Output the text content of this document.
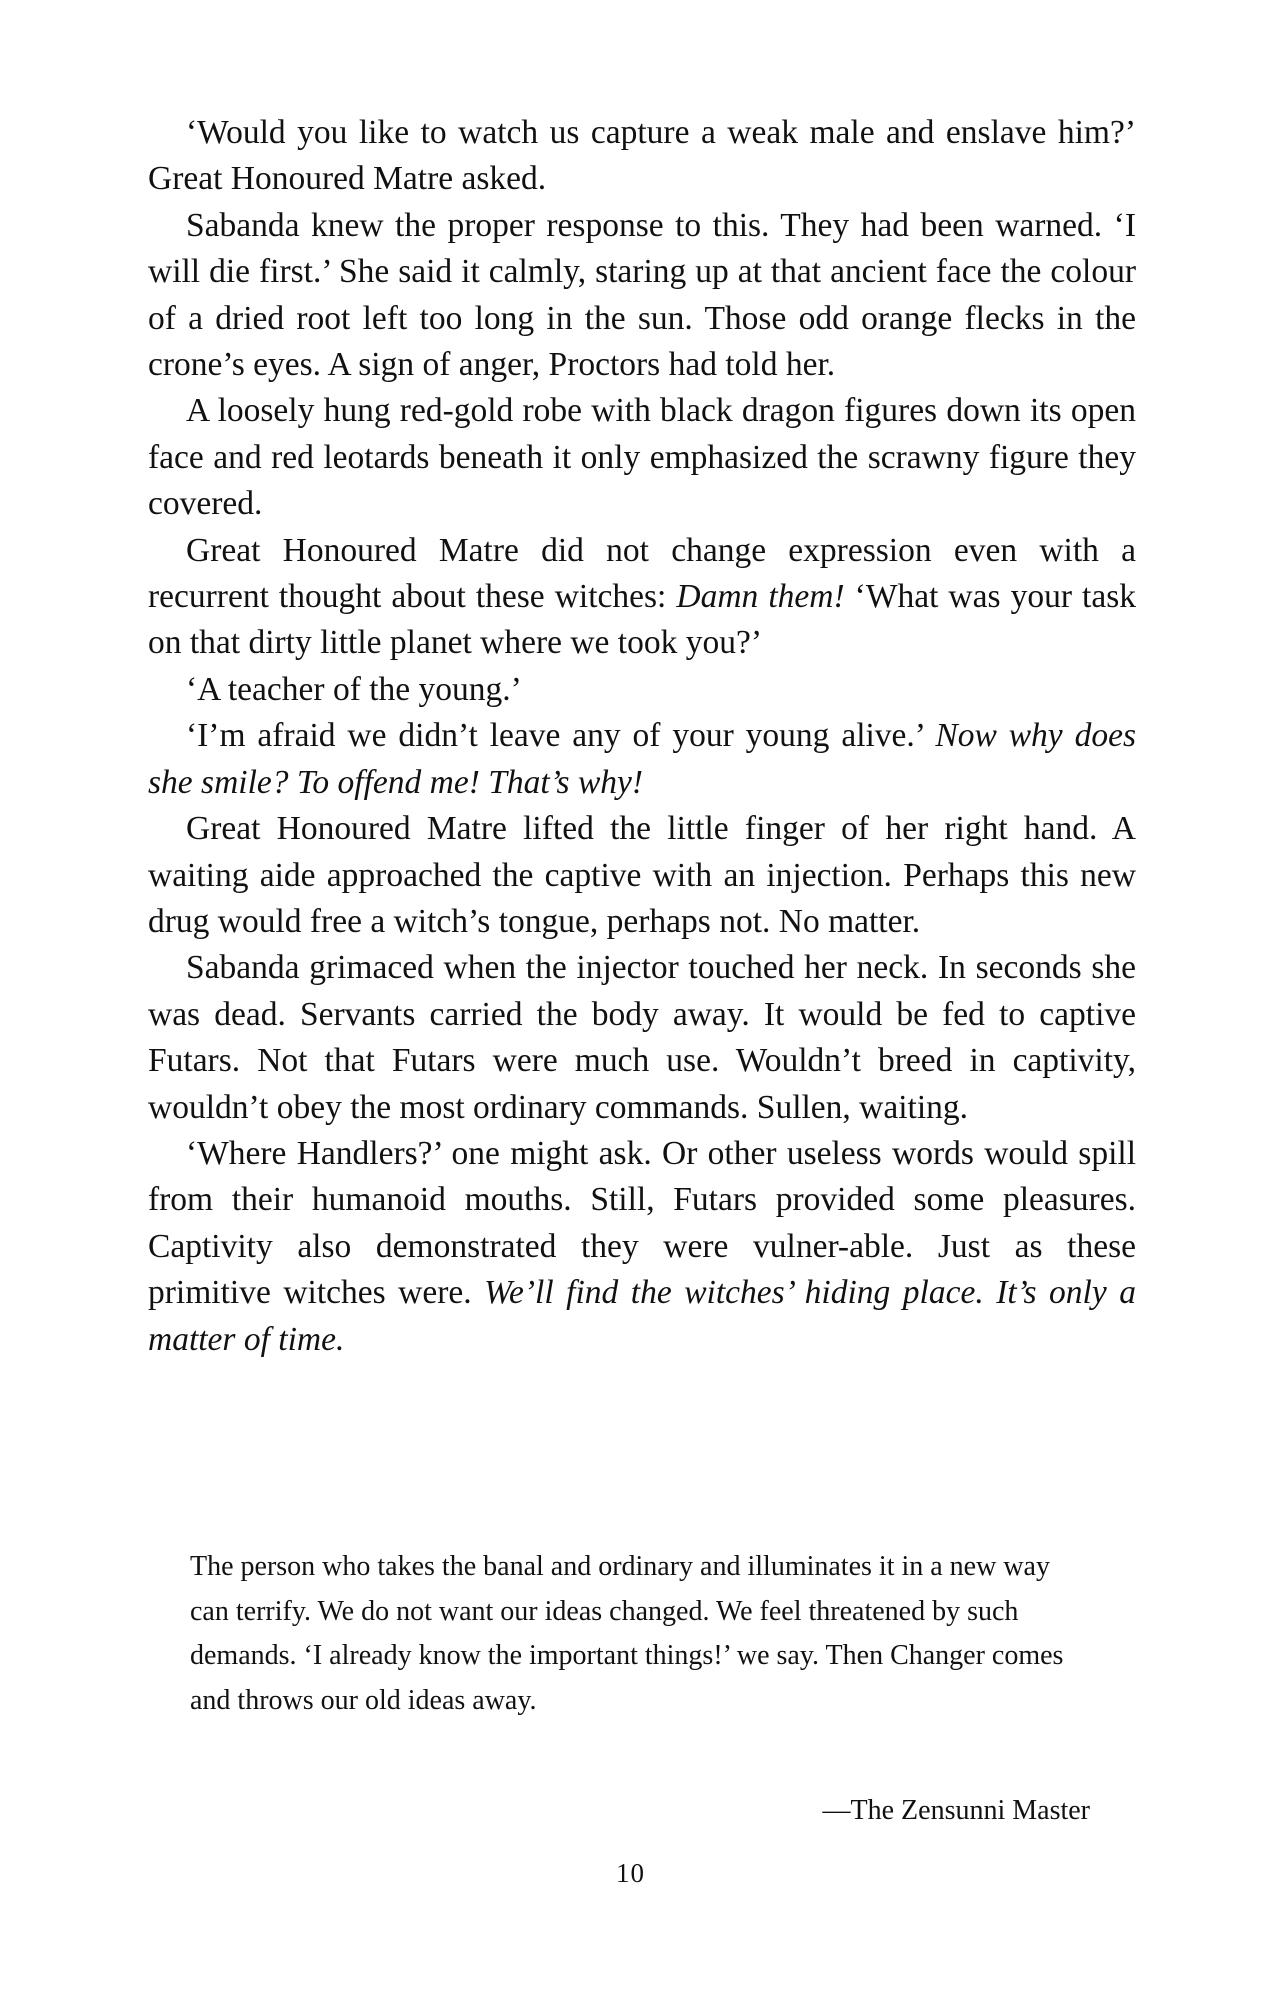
‘Would you like to watch us capture a weak male and enslave him?’ Great Honoured Matre asked.

Sabanda knew the proper response to this. They had been warned. ‘I will die first.’ She said it calmly, staring up at that ancient face the colour of a dried root left too long in the sun. Those odd orange flecks in the crone’s eyes. A sign of anger, Proctors had told her.

A loosely hung red-gold robe with black dragon figures down its open face and red leotards beneath it only emphasized the scrawny figure they covered.

Great Honoured Matre did not change expression even with a recurrent thought about these witches: Damn them! ‘What was your task on that dirty little planet where we took you?’

‘A teacher of the young.’

‘I’m afraid we didn’t leave any of your young alive.’ Now why does she smile? To offend me! That’s why!

Great Honoured Matre lifted the little finger of her right hand. A waiting aide approached the captive with an injection. Perhaps this new drug would free a witch’s tongue, perhaps not. No matter.

Sabanda grimaced when the injector touched her neck. In seconds she was dead. Servants carried the body away. It would be fed to captive Futars. Not that Futars were much use. Wouldn’t breed in captivity, wouldn’t obey the most ordinary commands. Sullen, waiting.

‘Where Handlers?’ one might ask. Or other useless words would spill from their humanoid mouths. Still, Futars provided some pleasures. Captivity also demonstrated they were vulner-able. Just as these primitive witches were. We’ll find the witches’ hiding place. It’s only a matter of time.

The person who takes the banal and ordinary and illuminates it in a new way can terrify. We do not want our ideas changed. We feel threatened by such demands. ‘I already know the important things!’ we say. Then Changer comes and throws our old ideas away.

—The Zensunni Master
10
